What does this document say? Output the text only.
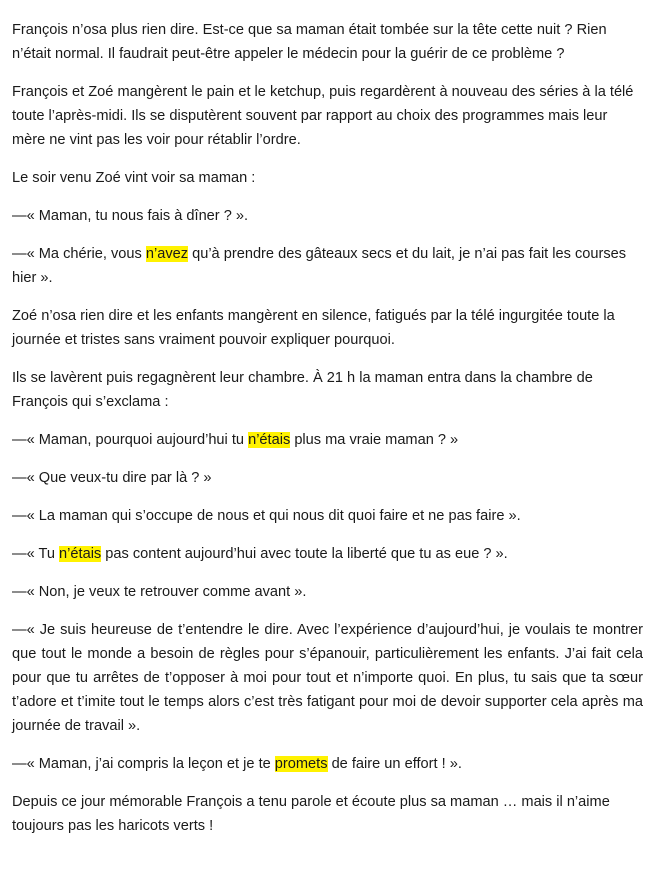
François n’osa plus rien dire. Est-ce que sa maman était tombée sur la tête cette nuit ? Rien n’était normal. Il faudrait peut-être appeler le médecin pour la guérir de ce problème ?

François et Zoé mangèrent le pain et le ketchup, puis regardèrent à nouveau des séries à la télé toute l’après-midi. Ils se disputèrent souvent par rapport au choix des programmes mais leur mère ne vint pas les voir pour rétablir l’ordre.

Le soir venu Zoé vint voir sa maman :

—« Maman, tu nous fais à dîner ? ».

—« Ma chérie, vous n’avez qu’à prendre des gâteaux secs et du lait, je n’ai pas fait les courses hier ».

Zoé n’osa rien dire et les enfants mangèrent en silence, fatigués par la télé ingurgitée toute la journée et tristes sans vraiment pouvoir expliquer pourquoi.

Ils se lavèrent puis regagnèrent leur chambre. À 21 h la maman entra dans la chambre de François qui s’exclama :

—« Maman, pourquoi aujourd’hui tu n’étais plus ma vraie maman ? »

—« Que veux-tu dire par là ? »

—« La maman qui s’occupe de nous et qui nous dit quoi faire et ne pas faire ».

—« Tu n’étais pas content aujourd’hui avec toute la liberté que tu as eue ? ».

—« Non, je veux te retrouver comme avant ».

—« Je suis heureuse de t’entendre le dire. Avec l’expérience d’aujourd’hui, je voulais te montrer que tout le monde a besoin de règles pour s’épanouir, particulièrement les enfants. J’ai fait cela pour que tu arrêtes de t’opposer à moi pour tout et n’importe quoi. En plus, tu sais que ta sœur t’adore et t’imite tout le temps alors c’est très fatigant pour moi de devoir supporter cela après ma journée de travail ».

—« Maman, j’ai compris la leçon et je te promets de faire un effort ! ».

Depuis ce jour mémorable François a tenu parole et écoute plus sa maman … mais il n’aime toujours pas les haricots verts !
